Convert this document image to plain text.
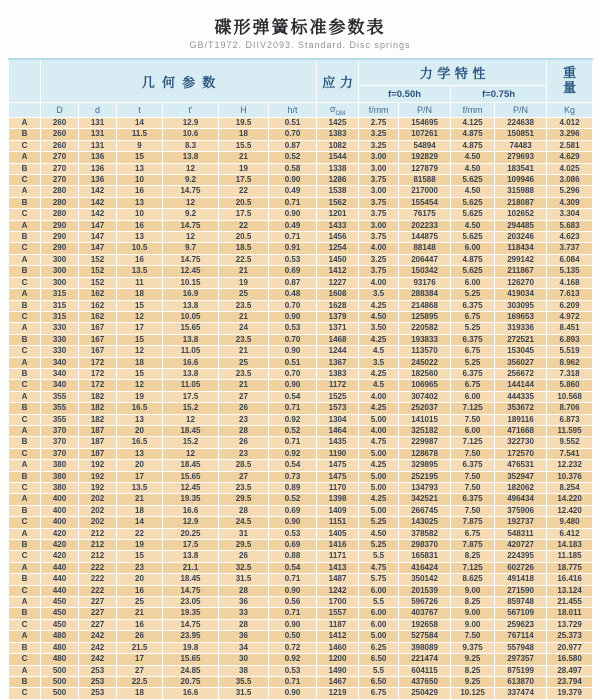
碟形弹簧标准参数表
GB/T1972. DIIV2093. Standard. Disc springs
	几何参数						应力	力学特性				重
量

								f=0.50h		f=0.75h		
	D	d	t	t'	H	h/t	$\sigma_{OM}$	f/mm	P/N	f/mm	P/N	Kg
A	260	131	14	12.9	19.5	0.51	1425	2.75	154695	4.125	224638	4.012
B	260	131	11.5	10.6	18	0.70	1383	3.25	107261	4.875	150851	3.296
C	260	131	9	8.3	15.5	0.87	1082	3.25	54894	4.875	74483	2.581
A	270	136	15	13.8	21	0.52	1544	3.00	192829	4.50	279693	4.629
B	270	136	13	12	19	0.58	1338	3.00	127879	4.50	183541	4.025
C	270	136	10	9.2	17.5	0.90	1286	3.75	81588	5.625	109946	3.086
A	280	142	16	14.75	22	0.49	1538	3.00	217000	4.50	315988	5.296
B	280	142	13	12	20.5	0.71	1562	3.75	155454	5.625	218087	4.309
C	280	142	10	9.2	17.5	0.90	1201	3.75	76175	5.625	102652	3.304
A	290	147	16	14.75	22	0.49	1433	3.00	202233	4.50	294485	5.683
B	290	147	13	12	20.5	0.71	1456	3.75	144875	5.625	203246	4.623
C	290	147	10.5	9.7	18.5	0.91	1254	4.00	88148	6.00	118434	3.737
A	300	152	16	14.75	22.5	0.53	1450	3.25	206447	4.875	299142	6.084
B	300	152	13.5	12.45	21	0.69	1412	3.75	150342	5.625	211867	5.135
C	300	152	11	10.15	19	0.87	1227	4.00	93176	6.00	126270	4.168
A	315	162	18	16.9	25	0.48	1608	3.5	288384	5.25	419034	7.613
B	315	162	15	13.8	23.5	0.70	1628	4.25	214868	6.375	303095	6.209
C	315	162	12	10.05	21	0.90	1379	4.50	125895	6.75	169653	4.972
A	330	167	17	15.65	24	0.53	1371	3.50	220582	5.25	319336	8.451
B	330	167	15	13.8	23.5	0.70	1468	4.25	193833	6.375	272521	6.893
C	330	167	12	11.05	21	0.90	1244	4.5	113570	6.75	153045	5.519
A	340	172	18	16.6	25	0.51	1367	3.5	245022	5.25	356027	8.962
B	340	172	15	13.8	23.5	0.70	1383	4.25	182560	6.375	256672	7.318
C	340	172	12	11.05	21	0.90	1172	4.5	106965	6.75	144144	5.860
A	355	182	19	17.5	27	0.54	1525	4.00	307402	6.00	444335	10.568
B	355	182	16.5	15.2	26	0.71	1573	4.25	252037	7.125	353672	8.706
C	355	182	13	12	23	0.92	1304	5.00	141015	7.50	189116	6.873
A	370	187	20	18.45	28	0.52	1464	4.00	325182	6.00	471668	11.595
B	370	187	16.5	15.2	26	0.71	1435	4.75	229987	7.125	322730	9.552
C	370	187	13	12	23	0.92	1190	5.00	128678	7.50	172570	7.541
A	380	192	20	18.45	28.5	0.54	1475	4.25	329895	6.375	476531	12.232
B	380	192	17	15.65	27	0.73	1475	5.00	252195	7.50	352947	10.376
C	380	192	13.5	12.45	23.5	0.89	1170	5.00	134793	7.50	182062	8.254
A	400	202	21	19.35	29.5	0.52	1398	4.25	342521	6.375	496434	14.220
B	400	202	18	16.6	28	0.69	1409	5.00	266745	7.50	375906	12.420
C	400	202	14	12.9	24.5	0.90	1151	5.25	143025	7.875	192737	9.480
A	420	212	22	20.25	31	0.53	1405	4.50	378582	6.75	548311	6.412
B	420	212	19	17.5	29.5	0.69	1416	5.25	298370	7.875	420727	14.183
C	420	212	15	13.8	26	0.88	1171	5.5	165831	8.25	224395	11.185
A	440	222	23	21.1	32.5	0.54	1413	4.75	416424	7.125	602726	18.775
B	440	222	20	18.45	31.5	0.71	1487	5.75	350142	8.625	491418	16.416
C	440	222	16	14.75	28	0.90	1242	6.00	201539	9.00	271590	13.124
A	450	227	25	23.05	36	0.56	1700	5.5	596726	8.25	859748	21.455
B	450	227	21	19.35	33	0.71	1557	6.00	403767	9.00	567109	18.011
C	450	227	16	14.75	28	0.90	1187	6.00	192658	9.00	259623	13.729
A	480	242	26	23.95	36	0.50	1412	5.00	527584	7.50	767114	25.373
B	480	242	21.5	19.8	34	0.72	1460	6.25	398089	9.375	557948	20.977
C	480	242	17	15.65	30	0.92	1200	6.50	221474	9.25	297357	16.580
A	500	253	27	24.85	38	0.53	1490	5.5	604115	8.25	875199	28.497
B	500	253	22.5	20.75	35.5	0.71	1467	6.50	437650	9.25	613870	23.794
C	500	253	18	16.6	31.5	0.90	1219	6.75	250429	10.125	337474	19.379
